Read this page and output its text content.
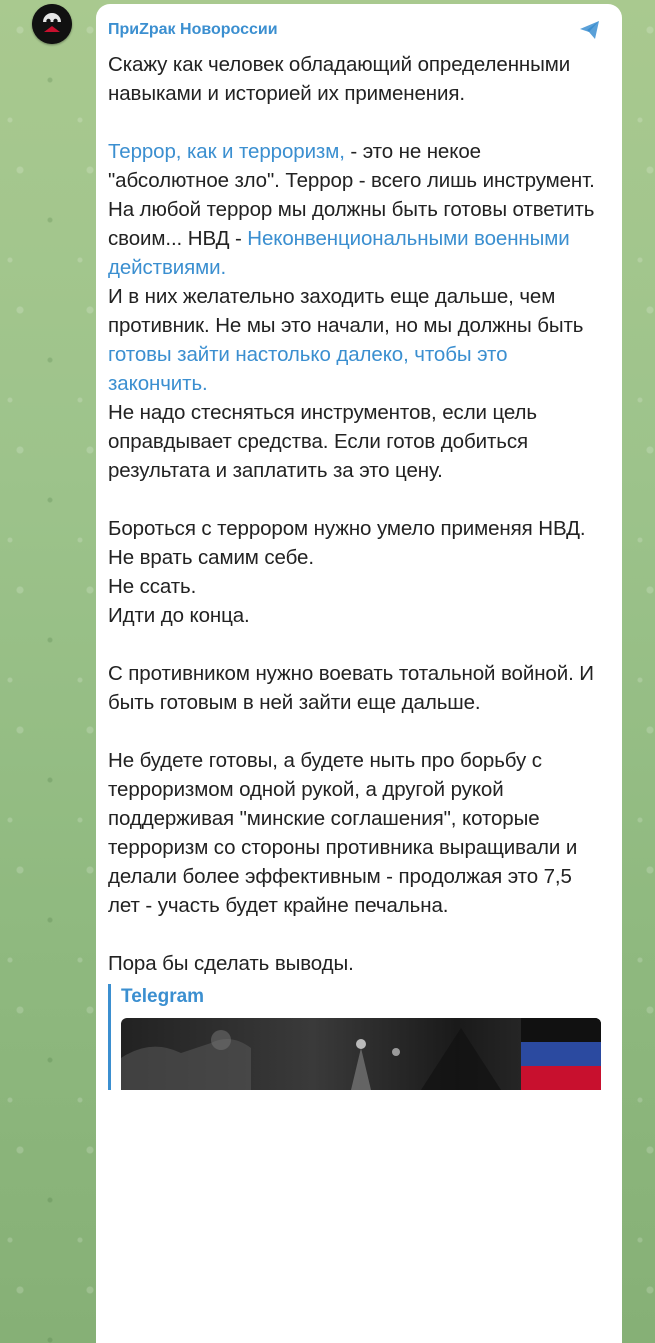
ПриZрак Новороссии

Скажу как человек обладающий определенными навыками и историей их применения.

Террор, как и терроризм, - это не некое "абсолютное зло". Террор - всего лишь инструмент.

На любой террор мы должны быть готовы ответить своим... НВД - Неконвенциональными военными действиями.

И в них желательно заходить еще дальше, чем противник. Не мы это начали, но мы должны быть готовы зайти настолько далеко, чтобы это закончить.

Не надо стесняться инструментов, если цель оправдывает средства. Если готов добиться результата и заплатить за это цену.

Бороться с террором нужно умело применяя НВД.

Не врать самим себе.

Не ссать.

Идти до конца.

С противником нужно воевать тотальной войной. И быть готовым в ней зайти еще дальше.

Не будете готовы, а будете ныть про борьбу с терроризмом одной рукой, а другой рукой поддерживая "минские соглашения", которые терроризм со стороны противника выращивали и делали более эффективным - продолжая это 7,5 лет - участь будет крайне печальна.

Пора бы сделать выводы.

Telegram
